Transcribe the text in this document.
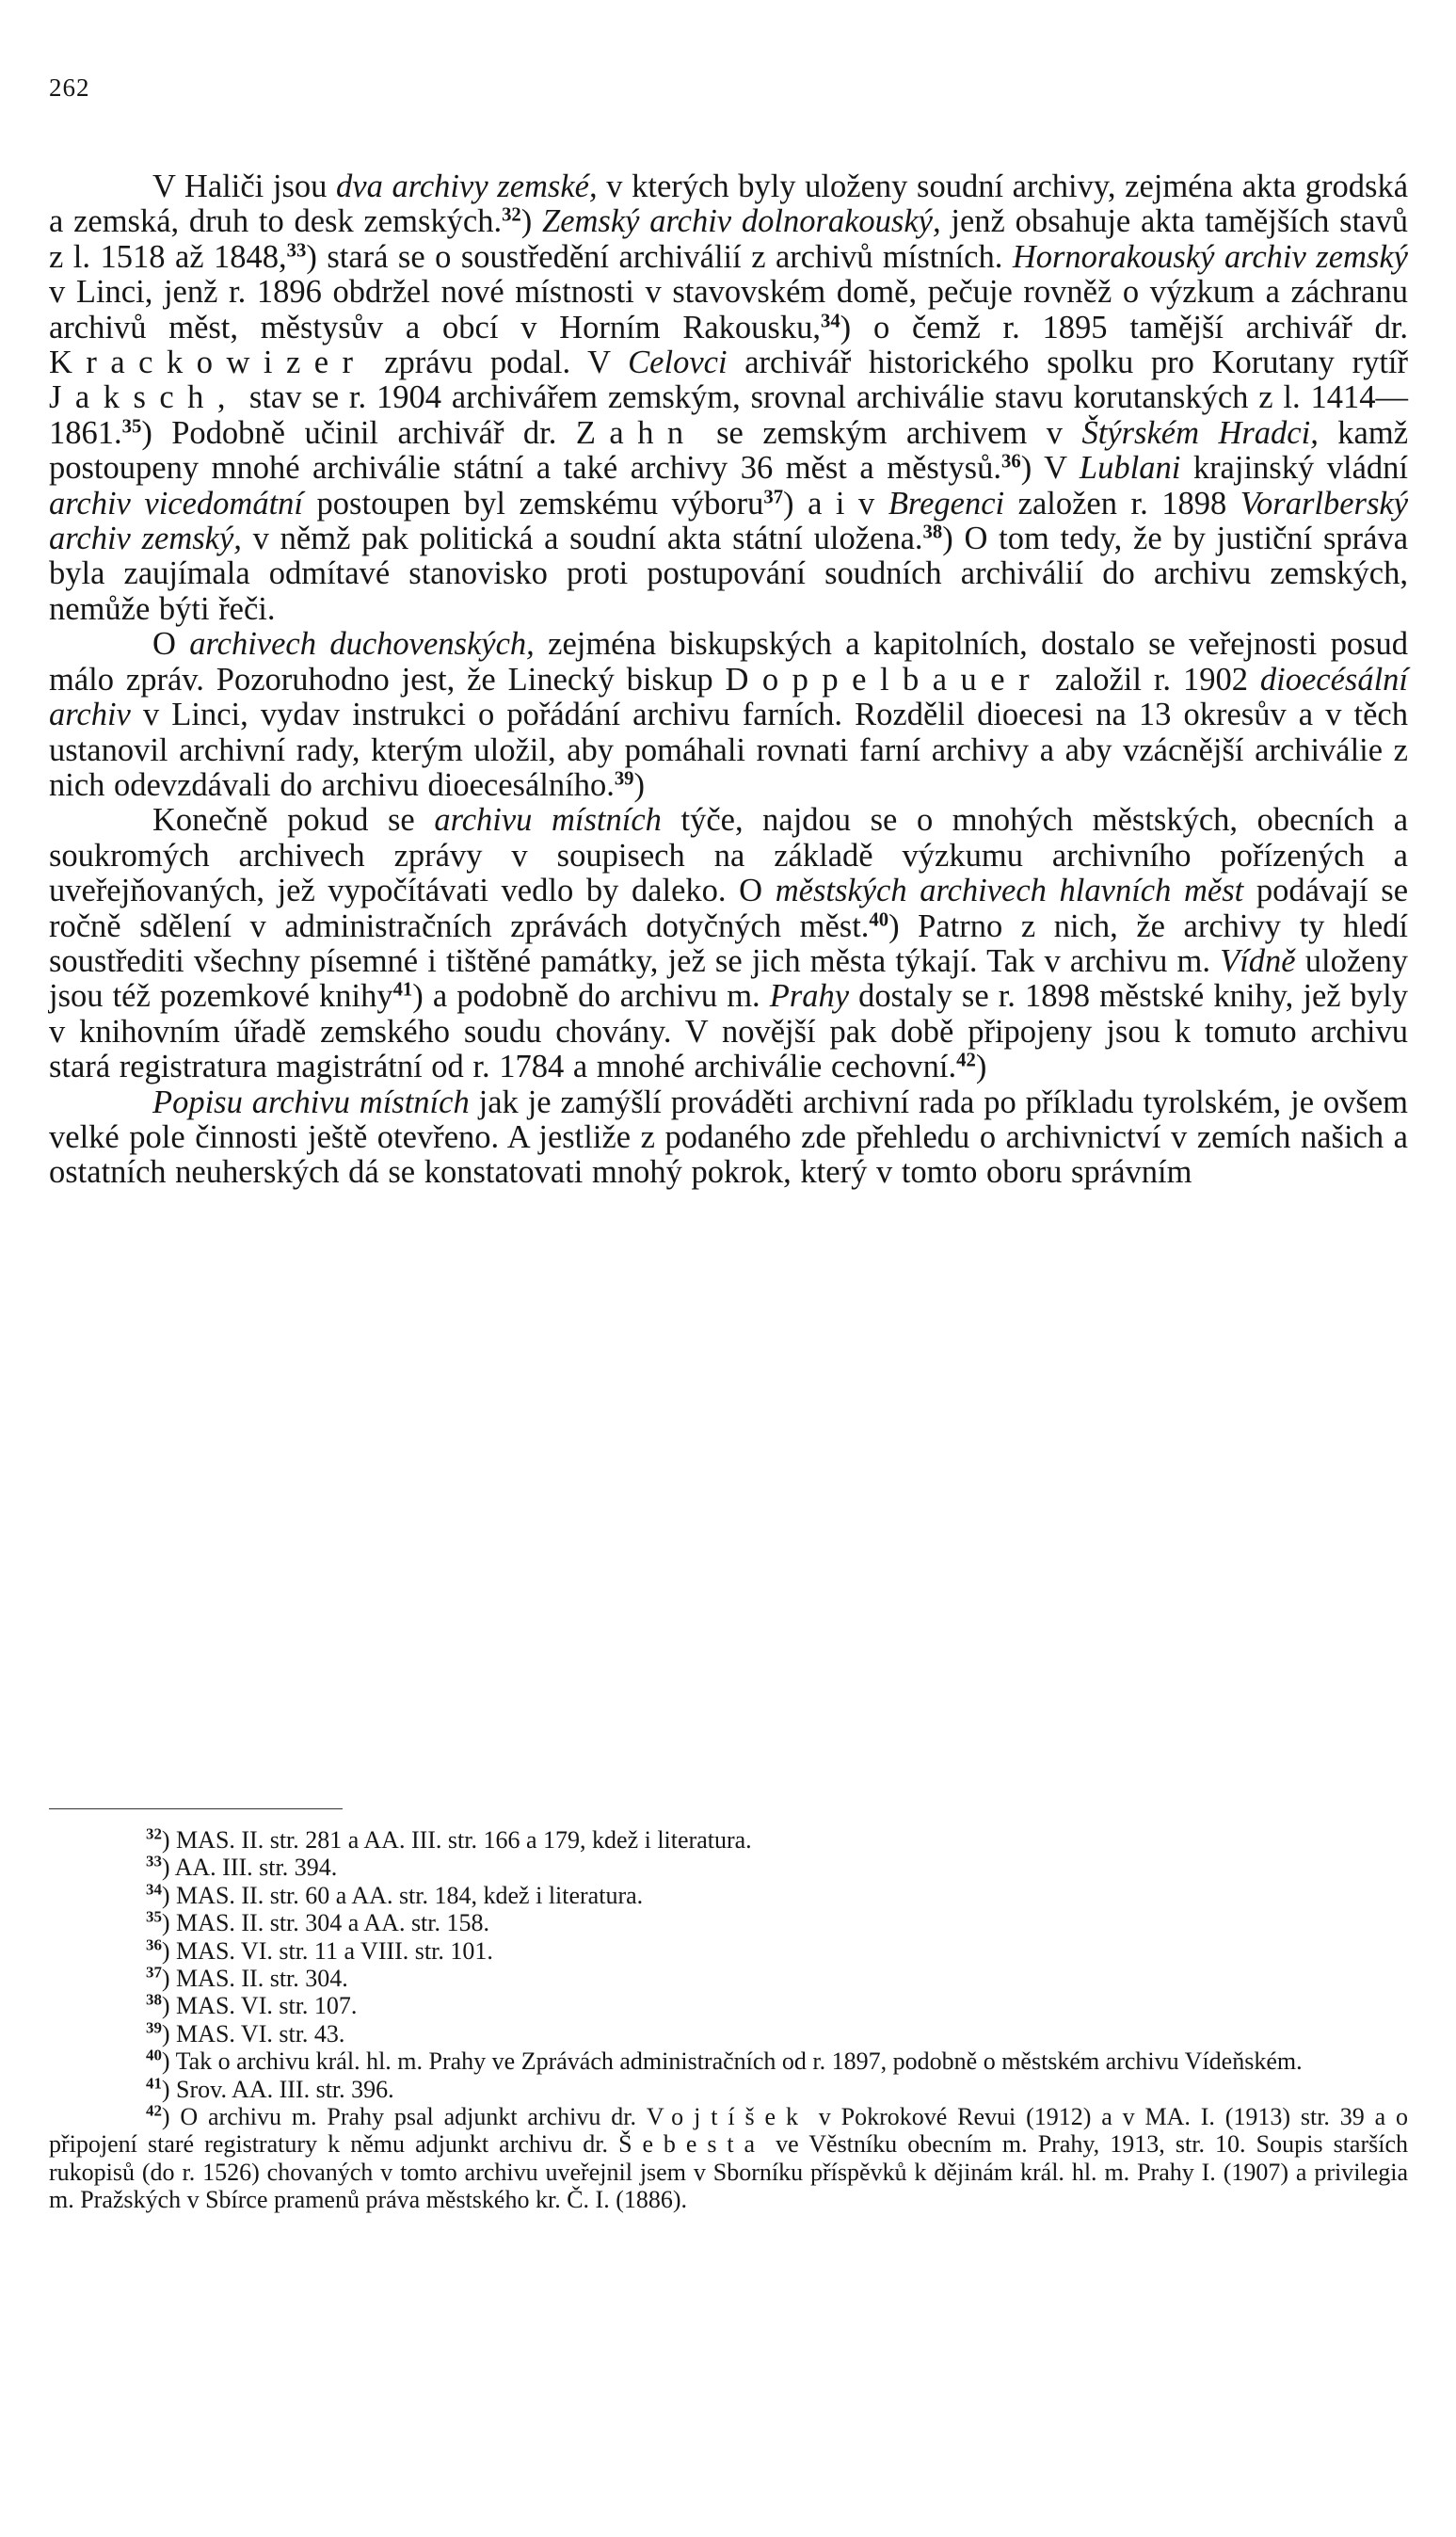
262

V Haliči jsou dva archivy zemské, v kterých byly uloženy soudní archivy, zejména akta grodská a zemská, druh to desk zemských.$^{32}$) Zemský archiv dolnorakouský, jenž obsahuje akta tamějších stavů z l. 1518 až 1848,33) stará se o soustředění archiválií z archivů místních. Hornorakouský archiv zemský v Linci, jenž r. 1896 obdržel nové místnosti v stavovském domě, pečuje rovněž o výzkum a záchranu archivů měst, městysův a obcí v Horním Rakousku,$^{34}$) o čemž r. 1895 tamější archivář dr. Krackowizer zprávu podal. V Celovci archivář historického spolku pro Korutany rytíř Jaksch, stav se r. 1904 archivářem zemským, srovnal archiválie stavu korutanských z l. 1414—1861.35) Podobně učinil archivář dr. Zahn se zemským archivem v Štýrském Hradci, kamž postoupeny mnohé archiválie státní a také archivy 36 měst a městysů.$^{36}$) V Lublani krajinský vládní archiv vicedomátní postoupen byl zemskému výboru$^{37}$) a i v Bregenci založen r. 1898 Vorarlberský archiv zemský, v němž pak politická a soudní akta státní uložena.$^{38}$) O tom tedy, že by justiční správa byla zaujímala odmítavé stanovisko proti postupování soudních archiválií do archivu zemských, nemůže býti řeči.

O archivech duchovenských, zejména biskupských a kapitolních, dostalo se veřejnosti posud málo zpráv. Pozoruhodno jest, že Linecký biskup Doppelbauer založil r. 1902 dioecésální archiv v Linci, vydav instrukci o pořádání archivu farních. Rozdělil dioecesi na 13 okresův a v těch ustanovil archivní rady, kterým uložil, aby pomáhali rovnati farní archivy a aby vzácnější archiválie z nich odevzdávali do archivu dioecesálního.$^{39}$)

Konečně pokud se archivu místních týče, najdou se o mnohých městských, obecních a soukromých archivech zprávy v soupisech na základě výzkumu archivního pořízených a uveřejňovaných, jež vypočítávati vedlo by daleko. O městských archivech hlavních měst podávají se ročně sdělení v administračních zprávách dotyčných měst.$^{40}$) Patrno z nich, že archivy ty hledí soustřediti všechny písemné i tištěné památky, jež se jich města týkají. Tak v archivu m. Vídně uloženy jsou též pozemkové knihy$^{41}$) a podobně do archivu m. Prahy dostaly se r. 1898 městské knihy, jež byly v knihovním úřadě zemského soudu chovány. V novější pak době připojeny jsou k tomuto archivu stará registratura magistrátní od r. 1784 a mnohé archiválie cechovní.$^{42}$)

Popisu archivu místních jak je zamýšlí prováděti archivní rada po příkladu tyrolském, je ovšem velké pole činnosti ještě otevřeno. A jestliže z podaného zde přehledu o archivnictví v zemích našich a ostatních neuherských dá se konstatovati mnohý pokrok, který v tomto oboru správním

$^{32}$) MAS. II. str. 281 a AA. III. str. 166 a 179, kdež i literatura.

$^{33}$) AA. III. str. 394.

$^{34}$) MAS. II. str. 60 a AA. str. 184, kdež i literatura.

$^{35}$) MAS. II. str. 304 a AA. str. 158.

$^{36}$) MAS. VI. str. 11 a VIII. str. 101.

$^{37}$) MAS. II. str. 304.

$^{38}$) MAS. VI. str. 107.

$^{39}$) MAS. VI. str. 43.

$^{40}$) Tak o archivu král. hl. m. Prahy ve Zprávách administračních od r. 1897, podobně o městském archivu Vídeňském.

$^{41}$) Srov. AA. III. str. 396.

$^{42}$) O archivu m. Prahy psal adjunkt archivu dr. Vojtíšek v Pokrokové Revui (1912) a v MA. I. (1913) str. 39 a o připojení staré registratury k němu adjunkt archivu dr. Šebesta ve Věstníku obecním m. Prahy, 1913, str. 10. Soupis starších rukopisů (do r. 1526) chovaných v tomto archivu uveřejnil jsem v Sborníku příspěvků k dějinám král. hl. m. Prahy I. (1907) a privilegia m. Pražských v Sbírce pramenů práva městského kr. Č. I. (1886).
